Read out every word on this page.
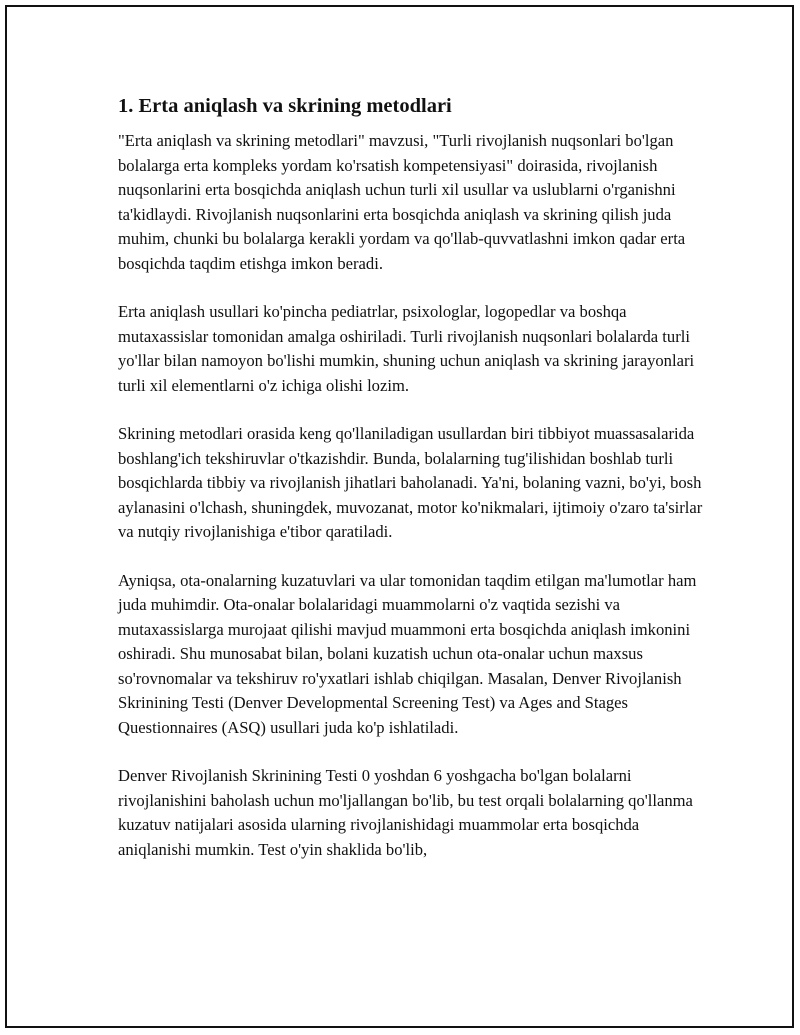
1. Erta aniqlash va skrining metodlari

"Erta aniqlash va skrining metodlari" mavzusi, "Turli rivojlanish nuqsonlari bo'lgan bolalarga erta kompleks yordam ko'rsatish kompetensiyasi" doirasida, rivojlanish nuqsonlarini erta bosqichda aniqlash uchun turli xil usullar va uslublarni o'rganishni ta'kidlaydi. Rivojlanish nuqsonlarini erta bosqichda aniqlash va skrining qilish juda muhim, chunki bu bolalarga kerakli yordam va qo'llab-quvvatlashni imkon qadar erta bosqichda taqdim etishga imkon beradi.

Erta aniqlash usullari ko'pincha pediatrlar, psixologlar, logopedlar va boshqa mutaxassislar tomonidan amalga oshiriladi. Turli rivojlanish nuqsonlari bolalarda turli yo'llar bilan namoyon bo'lishi mumkin, shuning uchun aniqlash va skrining jarayonlari turli xil elementlarni o'z ichiga olishi lozim.

Skrining metodlari orasida keng qo'llaniladigan usullardan biri tibbiyot muassasalarida boshlang'ich tekshiruvlar o'tkazishdir. Bunda, bolalarning tug'ilishidan boshlab turli bosqichlarda tibbiy va rivojlanish jihatlari baholanadi. Ya'ni, bolaning vazni, bo'yi, bosh aylanasini o'lchash, shuningdek, muvozanat, motor ko'nikmalari, ijtimoiy o'zaro ta'sirlar va nutqiy rivojlanishiga e'tibor qaratiladi.

Ayniqsa, ota-onalarning kuzatuvlari va ular tomonidan taqdim etilgan ma'lumotlar ham juda muhimdir. Ota-onalar bolalaridagi muammolarni o'z vaqtida sezishi va mutaxassislarga murojaat qilishi mavjud muammoni erta bosqichda aniqlash imkonini oshiradi. Shu munosabat bilan, bolani kuzatish uchun ota-onalar uchun maxsus so'rovnomalar va tekshiruv ro'yxatlari ishlab chiqilgan. Masalan, Denver Rivojlanish Skrinining Testi (Denver Developmental Screening Test) va Ages and Stages Questionnaires (ASQ) usullari juda ko'p ishlatiladi.

Denver Rivojlanish Skrinining Testi 0 yoshdan 6 yoshgacha bo'lgan bolalarni rivojlanishini baholash uchun mo'ljallangan bo'lib, bu test orqali bolalarning qo'llanma kuzatuv natijalari asosida ularning rivojlanishidagi muammolar erta bosqichda aniqlanishi mumkin. Test o'yin shaklida bo'lib,
